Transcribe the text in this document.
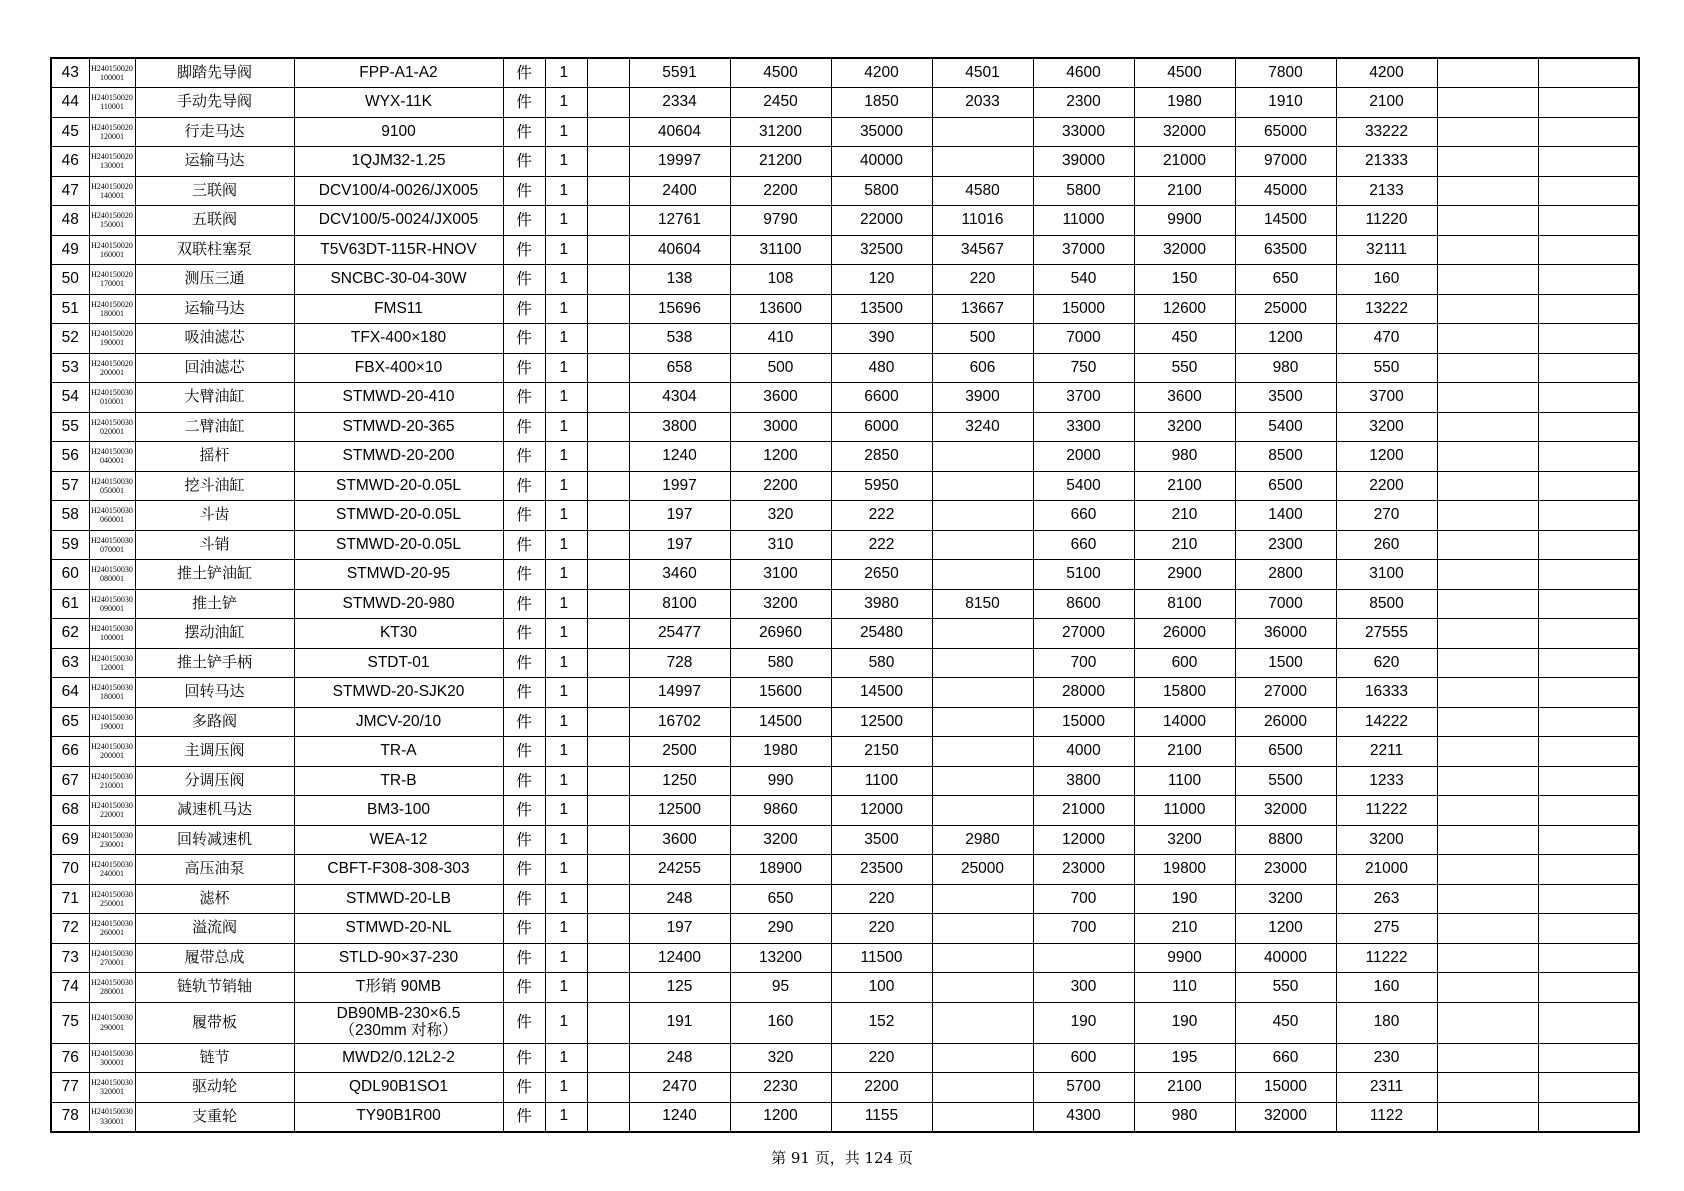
43	H240150020100001	脚踏先导阀	FPP-A1-A2	件	1		5591	4500	4200	4501	4600	4500	7800	4200		
44	H240150020110001	手动先导阀	WYX-11K	件	1		2334	2450	1850	2033	2300	1980	1910	2100		
45	H240150020120001	行走马达	9100	件	1		40604	31200	35000		33000	32000	65000	33222		
46	H240150020130001	运输马达	1QJM32-1.25	件	1		19997	21200	40000		39000	21000	97000	21333		
47	H240150020140001	三联阀	DCV100/4-0026/JX005	件	1		2400	2200	5800	4580	5800	2100	45000	2133		
48	H240150020150001	五联阀	DCV100/5-0024/JX005	件	1		12761	9790	22000	11016	11000	9900	14500	11220		
49	H240150020160001	双联柱塞泵	T5V63DT-115R-HNOV	件	1		40604	31100	32500	34567	37000	32000	63500	32111		
50	H240150020170001	测压三通	SNCBC-30-04-30W	件	1		138	108	120	220	540	150	650	160		
51	H240150020180001	运输马达	FMS11	件	1		15696	13600	13500	13667	15000	12600	25000	13222		
52	H240150020190001	吸油滤芯	TFX-400×180	件	1		538	410	390	500	7000	450	1200	470		
53	H240150020200001	回油滤芯	FBX-400×10	件	1		658	500	480	606	750	550	980	550		
54	H240150030010001	大臂油缸	STMWD-20-410	件	1		4304	3600	6600	3900	3700	3600	3500	3700		
55	H240150030020001	二臂油缸	STMWD-20-365	件	1		3800	3000	6000	3240	3300	3200	5400	3200		
56	H240150030040001	摇杆	STMWD-20-200	件	1		1240	1200	2850		2000	980	8500	1200		
57	H240150030050001	挖斗油缸	STMWD-20-0.05L	件	1		1997	2200	5950		5400	2100	6500	2200		
58	H240150030060001	斗齿	STMWD-20-0.05L	件	1		197	320	222		660	210	1400	270		
59	H240150030070001	斗销	STMWD-20-0.05L	件	1		197	310	222		660	210	2300	260		
60	H240150030080001	推土铲油缸	STMWD-20-95	件	1		3460	3100	2650		5100	2900	2800	3100		
61	H240150030090001	推土铲	STMWD-20-980	件	1		8100	3200	3980	8150	8600	8100	7000	8500		
62	H240150030100001	摆动油缸	KT30	件	1		25477	26960	25480		27000	26000	36000	27555		
63	H240150030120001	推土铲手柄	STDT-01	件	1		728	580	580		700	600	1500	620		
64	H240150030180001	回转马达	STMWD-20-SJK20	件	1		14997	15600	14500		28000	15800	27000	16333		
65	H240150030190001	多路阀	JMCV-20/10	件	1		16702	14500	12500		15000	14000	26000	14222		
66	H240150030200001	主调压阀	TR-A	件	1		2500	1980	2150		4000	2100	6500	2211		
67	H240150030210001	分调压阀	TR-B	件	1		1250	990	1100		3800	1100	5500	1233		
68	H240150030220001	减速机马达	BM3-100	件	1		12500	9860	12000		21000	11000	32000	11222		
69	H240150030230001	回转减速机	WEA-12	件	1		3600	3200	3500	2980	12000	3200	8800	3200		
70	H240150030240001	高压油泵	CBFT-F308-308-303	件	1		24255	18900	23500	25000	23000	19800	23000	21000		
71	H240150030250001	滤杯	STMWD-20-LB	件	1		248	650	220		700	190	3200	263		
72	H240150030260001	溢流阀	STMWD-20-NL	件	1		197	290	220		700	210	1200	275		
73	H240150030270001	履带总成	STLD-90×37-230	件	1		12400	13200	11500			9900	40000	11222		
74	H240150030280001	链轨节销轴	T形销 90MB	件	1		125	95	100		300	110	550	160		
75	H240150030290001	履带板	DB90MB-230×6.5
（230mm 对称）	件	1		191	160	152		190	190	450	180		
76	H240150030300001	链节	MWD2/0.12L2-2	件	1		248	320	220		600	195	660	230		
77	H240150030320001	驱动轮	QDL90B1SO1	件	1		2470	2230	2200		5700	2100	15000	2311		
78	H240150030330001	支重轮	TY90B1R00	件	1		1240	1200	1155		4300	980	32000	1122		
第 91 页，共 124 页
